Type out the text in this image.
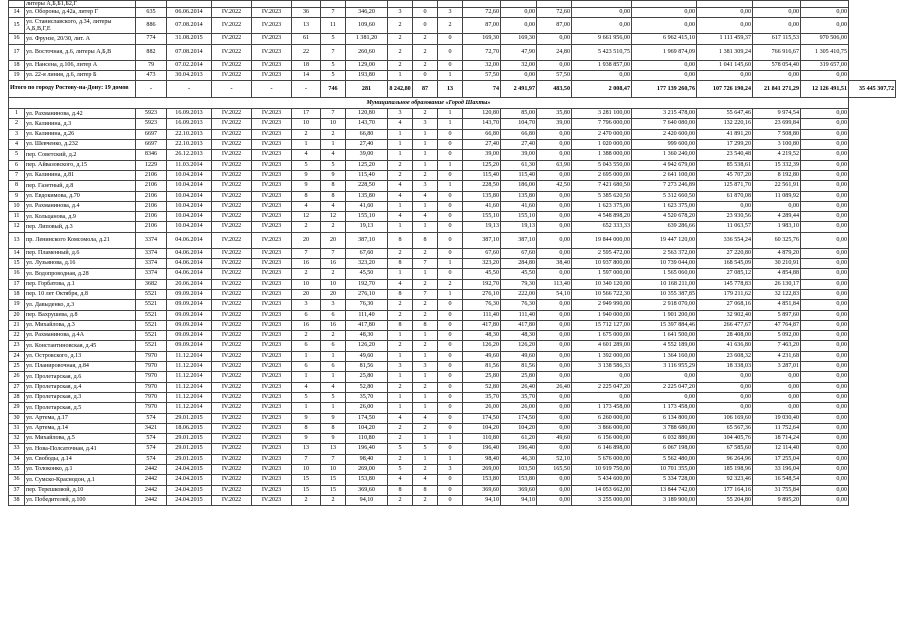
	литеры А,Б,Б1,Б2,Г																			
14	ул. Обороны, д.42а, литер Г	635	06.06.2014	IV.2022	IV.2023	36	7	346,20	3	0	3	72,60	0,00	72,60	0,00	0,00	0,00	0,00	0,00	
15	ул. Станиславского, д.34, литеры А,Б,В,Г,Е	886	07.08.2014	IV.2022	IV.2023	13	11	109,60	2	0	2	87,00	0,00	87,00	0,00	0,00	0,00	0,00	0,00	
16	ул. Фрунзе, 20/30, лит. А	774	31.08.2015	IV.2022	IV.2023	61	5	1 381,20	2	2	0	169,30	169,30	0,00	9 661 956,00	6 962 415,10	1 111 459,37	617 115,53	970 506,00	
17	ул. Восточная, д.6, литеры А,Б,В	882	07.08.2014	IV.2022	IV.2023	22	7	260,60	2	2	0	72,70	47,90	24,80	5 423 510,75	1 969 874,09	1 381 309,24	766 916,67	1 305 410,75	
18	ул. Нансена, д.106, литер А	79	07.02.2014	IV.2022	IV.2023	18	5	129,00	2	2	0	32,00	32,00	0,00	1 938 857,00	0,00	1 041 145,60	578 054,40	319 657,00	
19	ул. 22-я линия, д.6, литер Б	473	30.04.2013	IV.2022	IV.2023	14	5	193,80	1	0	1	57,50	0,00	57,50	0,00	0,00	0,00	0,00	0,00	
Итого по городу Ростову-на-Дону: 19 домов		-	-	-	-	-	746	281	8 242,80	87	13	74	2 491,97	483,50	2 008,47	177 139 260,76	107 726 190,24	21 841 271,29	12 126 491,51	35 445 307,72
Муниципальное образование «Город Шахты»																				
1	ул. Рахманинова, д.42	5923	16.09.2013	IV.2022	IV.2023	17	7	120,80	3	2	1	120,80	85,00	35,80	3 281 100,00	3 215 478,00	55 647,46	9 974,54	0,00	
2	ул. Калинина, д.3	5923	16.09.2013	IV.2022	IV.2023	10	10	143,70	4	3	1	143,70	104,70	39,00	7 796 000,00	7 640 080,00	132 220,16	23 699,84	0,00	
3	ул. Калинина, д.26	6697	22.10.2013	IV.2022	IV.2023	2	2	66,80	1	1	0	66,80	66,80	0,00	2 470 000,00	2 420 600,00	41 891,20	7 508,80	0,00	
4	ул. Шевченко, д.232	6697	22.10.2013	IV.2022	IV.2023	1	1	27,40	1	1	0	27,40	27,40	0,00	1 020 000,00	999 600,00	17 299,20	3 100,80	0,00	
5	пер. Советский, д.2	8346	26.12.2013	IV.2022	IV.2023	4	4	39,00	1	1	0	39,00	39,00	0,00	1 388 000,00	1 360 240,00	23 540,48	4 219,52	0,00	
6	пер. Айвазовского, д.15	1229	11.03.2014	IV.2022	IV.2023	5	5	125,20	2	1	1	125,20	61,30	63,90	5 043 550,00	4 942 679,00	85 538,61	15 332,39	0,00	
7	ул. Калинина, д.81	2106	10.04.2014	IV.2022	IV.2023	9	9	115,40	2	2	0	115,40	115,40	0,00	2 695 000,00	2 641 100,00	45 707,20	8 192,80	0,00	
8	пер. Газетный, д.8	2106	10.04.2014	IV.2022	IV.2023	9	8	228,50	4	3	1	228,50	186,00	42,50	7 421 680,50	7 273 246,89	125 871,70	22 561,91	0,00	
9	ул. Евдокимова, д.70	2106	10.04.2014	IV.2022	IV.2023	8	8	135,80	4	4	0	135,80	135,80	0,00	5 385 620,50	5 312 660,50	61 870,08	11 089,92	0,00	
10	ул. Рахманинова, д.4	2106	10.04.2014	IV.2022	IV.2023	4	4	41,60	1	1	0	41,60	41,60	0,00	1 623 375,00	1 623 375,00	0,00	0,00	0,00	
11	ул. Кольцанова, д.9	2106	10.04.2014	IV.2022	IV.2023	12	12	155,10	4	4	0	155,10	155,10	0,00	4 548 898,20	4 520 678,20	23 930,56	4 289,44	0,00	
12	пер. Липовый, д.3	2106	10.04.2014	IV.2022	IV.2023	2	2	19,13	1	1	0	19,13	19,13	0,00	652 333,33	639 286,66	11 063,57	1 983,10	0,00	
13	пр. Ленинского Комсомола, д.21	3374	04.06.2014	IV.2022	IV.2023	20	20	387,10	8	8	0	387,10	387,10	0,00	19 844 000,00	19 447 120,00	336 554,24	60 325,76	0,00	
14	пер. Пламенный, д.6	3374	04.06.2014	IV.2022	IV.2023	7	7	67,60	2	2	0	67,60	67,60	0,00	2 595 472,00	2 563 372,00	27 220,80	4 879,20	0,00	
15	ул. Лузьянова, д.16	3374	04.06.2014	IV.2022	IV.2023	16	16	323,20	8	7	1	323,20	284,80	38,40	10 937 800,00	10 739 044,00	168 545,09	30 210,91	0,00	
16	ул. Водопроводная, д.28	3374	04.06.2014	IV.2022	IV.2023	2	2	45,50	1	1	0	45,50	45,50	0,00	1 597 000,00	1 565 060,00	27 085,12	4 854,88	0,00	
17	пер. Горбатова, д.1	3682	20.06.2014	IV.2022	IV.2023	10	10	192,70	4	2	2	192,70	79,30	113,40	10 340 120,00	10 168 211,00	145 778,83	26 130,17	0,00	
18	пер. 10 лет Октября, д.8	5521	09.09.2014	IV.2022	IV.2023	20	20	276,10	8	7	1	276,10	222,00	54,10	10 566 722,30	10 355 387,85	179 211,62	32 122,83	0,00	
19	ул. Давыденко, д.3	5521	09.09.2014	IV.2022	IV.2023	3	3	76,30	2	2	0	76,30	76,30	0,00	2 949 990,00	2 918 070,00	27 068,16	4 851,84	0,00	
20	пер. Вахрушева, д.8	5521	09.09.2014	IV.2022	IV.2023	6	6	111,40	2	2	0	111,40	111,40	0,00	1 940 000,00	1 901 200,00	32 902,40	5 897,60	0,00	
21	ул. Михайлова, д.3	5521	09.09.2014	IV.2022	IV.2023	16	16	417,80	8	8	0	417,80	417,80	0,00	15 712 127,00	15 397 884,46	266 477,67	47 764,87	0,00	
22	ул. Рахманинова, д.4А	5521	09.09.2014	IV.2022	IV.2023	2	2	48,30	1	1	0	48,30	48,30	0,00	1 675 000,00	1 641 500,00	28 408,00	5 092,00	0,00	
23	ул. Константиновская, д.45	5521	09.09.2014	IV.2022	IV.2023	6	6	126,20	2	2	0	126,20	126,20	0,00	4 601 289,00	4 552 189,00	41 636,80	7 463,20	0,00	
24	ул. Островского, д.13	7970	11.12.2014	IV.2022	IV.2023	1	1	49,60	1	1	0	49,60	49,60	0,00	1 392 000,00	1 364 160,00	23 608,32	4 231,68	0,00	
25	ул. Планировочная, д.84	7970	11.12.2014	IV.2022	IV.2023	6	6	81,56	3	3	0	81,56	81,56	0,00	3 138 586,33	3 116 955,29	18 338,03	3 287,01	0,00	
26	ул. Пролетарская, д.6	7970	11.12.2014	IV.2022	IV.2023	1	1	25,80	1	1	0	25,80	25,80	0,00	0,00	0,00	0,00	0,00	0,00	
27	ул. Пролетарская, д.4	7970	11.12.2014	IV.2022	IV.2023	4	4	52,80	2	2	0	52,80	26,40	26,40	2 225 047,20	2 225 047,20	0,00	0,00	0,00	
28	ул. Пролетарская, д.3	7970	11.12.2014	IV.2022	IV.2023	5	5	35,70	1	1	0	35,70	35,70	0,00	0,00	0,00	0,00	0,00	0,00	
29	ул. Пролетарская, д.5	7970	11.12.2014	IV.2022	IV.2023	1	1	26,00	1	1	0	26,00	26,00	0,00	1 173 458,00	1 173 458,00	0,00	0,00	0,00	
30	ул. Артема, д.17	574	29.01.2015	IV.2022	IV.2023	9	9	174,50	4	4	0	174,50	174,50	0,00	6 260 000,00	6 134 800,00	106 169,60	19 030,40	0,00	
31	ул. Артема, д.14	3421	18.06.2015	IV.2022	IV.2023	8	8	104,20	2	2	0	104,20	104,20	0,00	3 866 000,00	3 788 680,00	65 567,36	11 752,64	0,00	
32	ул. Михайлова, д.5	574	29.01.2015	IV.2022	IV.2023	9	9	110,80	2	1	1	110,80	61,20	49,60	6 156 000,00	6 032 880,00	104 405,76	18 714,24	0,00	
33	ул. Нова-Полсаточная, д.41	574	29.01.2015	IV.2022	IV.2023	13	13	196,40	5	5	0	196,40	196,40	0,00	6 146 898,00	6 067 198,00	67 585,60	12 114,40	0,00	
34	ул. Свободы, д.14	574	29.01.2015	IV.2022	IV.2023	7	7	98,40	2	1	1	98,40	46,30	52,10	5 676 000,00	5 562 480,00	96 264,96	17 255,04	0,00	
35	ул. Толоконко, д.1	2442	24.04.2015	IV.2022	IV.2023	10	10	269,00	5	2	3	269,00	103,50	165,50	10 919 750,00	10 701 355,00	185 198,96	33 196,04	0,00	
36	ул. Сумско-Краснодон, д.1	2442	24.04.2015	IV.2022	IV.2023	15	15	153,80	4	4	0	153,80	153,80	0,00	5 434 600,00	5 334 728,00	92 323,46	16 548,54	0,00	
37	пер. Терешковой, д.10	2442	24.04.2015	IV.2022	IV.2023	15	15	369,60	8	8	0	369,60	369,60	0,00	14 053 662,00	13 844 742,00	177 164,16	31 755,84	0,00	
38	ул. Победителей, д.100	2442	24.04.2015	IV.2022	IV.2023	2	2	94,10	2	2	0	94,10	94,10	0,00	3 255 000,00	3 189 900,00	55 204,80	9 895,20	0,00	
